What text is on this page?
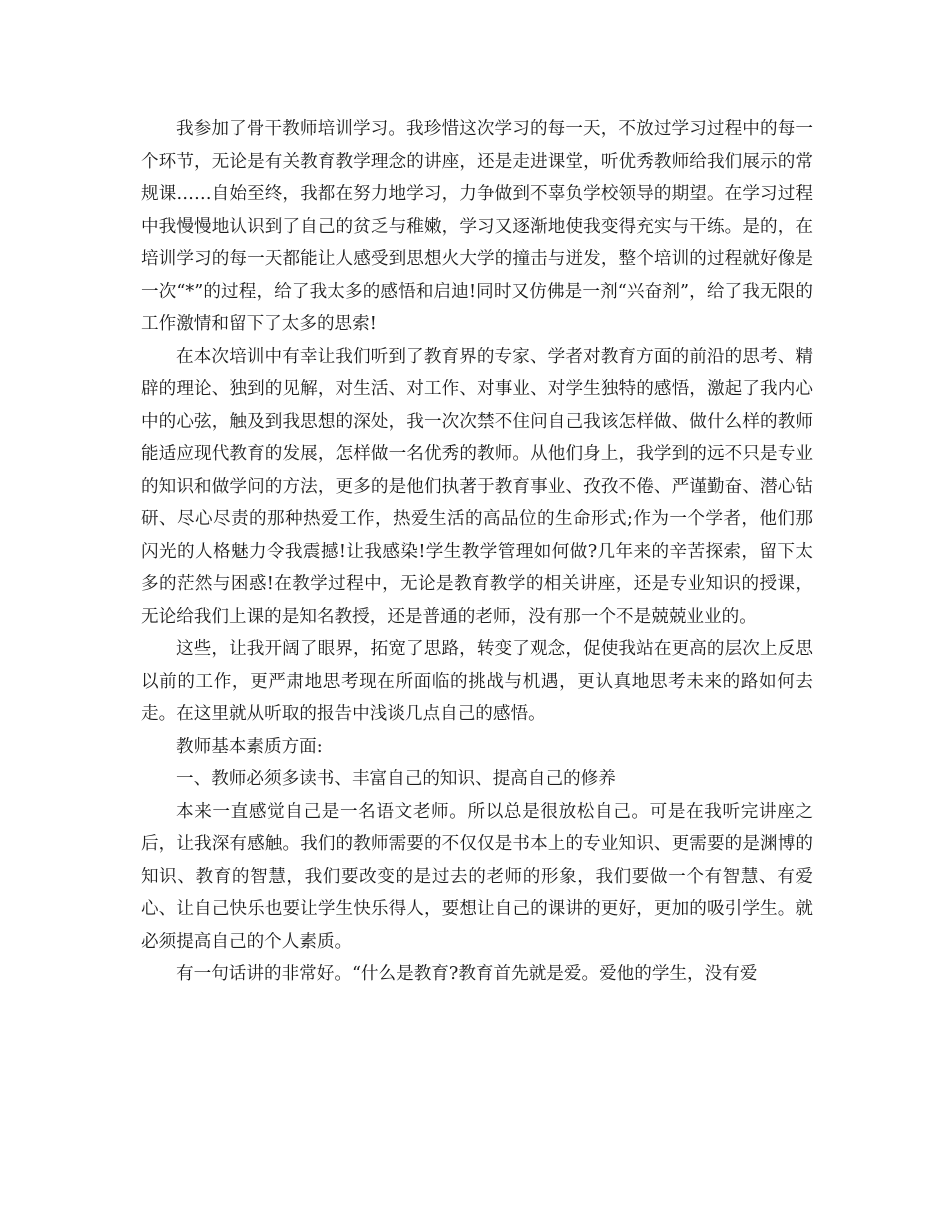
我参加了骨干教师培训学习。我珍惜这次学习的每一天，不放过学习过程中的每一个环节，无论是有关教育教学理念的讲座，还是走进课堂，听优秀教师给我们展示的常规课……自始至终，我都在努力地学习，力争做到不辜负学校领导的期望。在学习过程中我慢慢地认识到了自己的贫乏与稚嫩，学习又逐渐地使我变得充实与干练。是的，在培训学习的每一天都能让人感受到思想火大学的撞击与迸发，整个培训的过程就好像是一次“*”的过程，给了我太多的感悟和启迪!同时又仿佛是一剂“兴奋剂”，给了我无限的工作激情和留下了太多的思索!

在本次培训中有幸让我们听到了教育界的专家、学者对教育方面的前沿的思考、精辟的理论、独到的见解，对生活、对工作、对事业、对学生独特的感悟，激起了我内心中的心弦，触及到我思想的深处，我一次次禁不住问自己我该怎样做、做什么样的教师能适应现代教育的发展，怎样做一名优秀的教师。从他们身上，我学到的远不只是专业的知识和做学问的方法，更多的是他们执著于教育事业、孜孜不倦、严谨勤奋、潜心钻研、尽心尽责的那种热爱工作，热爱生活的高品位的生命形式;作为一个学者，他们那闪光的人格魅力令我震撼!让我感染!学生教学管理如何做?几年来的辛苦探索，留下太多的茫然与困惑!在教学过程中，无论是教育教学的相关讲座，还是专业知识的授课，无论给我们上课的是知名教授，还是普通的老师，没有那一个不是兢兢业业的。

这些，让我开阔了眼界，拓宽了思路，转变了观念，促使我站在更高的层次上反思以前的工作，更严肃地思考现在所面临的挑战与机遇，更认真地思考未来的路如何去走。在这里就从听取的报告中浅谈几点自己的感悟。

教师基本素质方面:

一、教师必须多读书、丰富自己的知识、提高自己的修养

本来一直感觉自己是一名语文老师。所以总是很放松自己。可是在我听完讲座之后，让我深有感触。我们的教师需要的不仅仅是书本上的专业知识、更需要的是渊博的知识、教育的智慧，我们要改变的是过去的老师的形象，我们要做一个有智慧、有爱心、让自己快乐也要让学生快乐得人，要想让自己的课讲的更好，更加的吸引学生。就必须提高自己的个人素质。

有一句话讲的非常好。“什么是教育?教育首先就是爱。爱他的学生，没有爱
